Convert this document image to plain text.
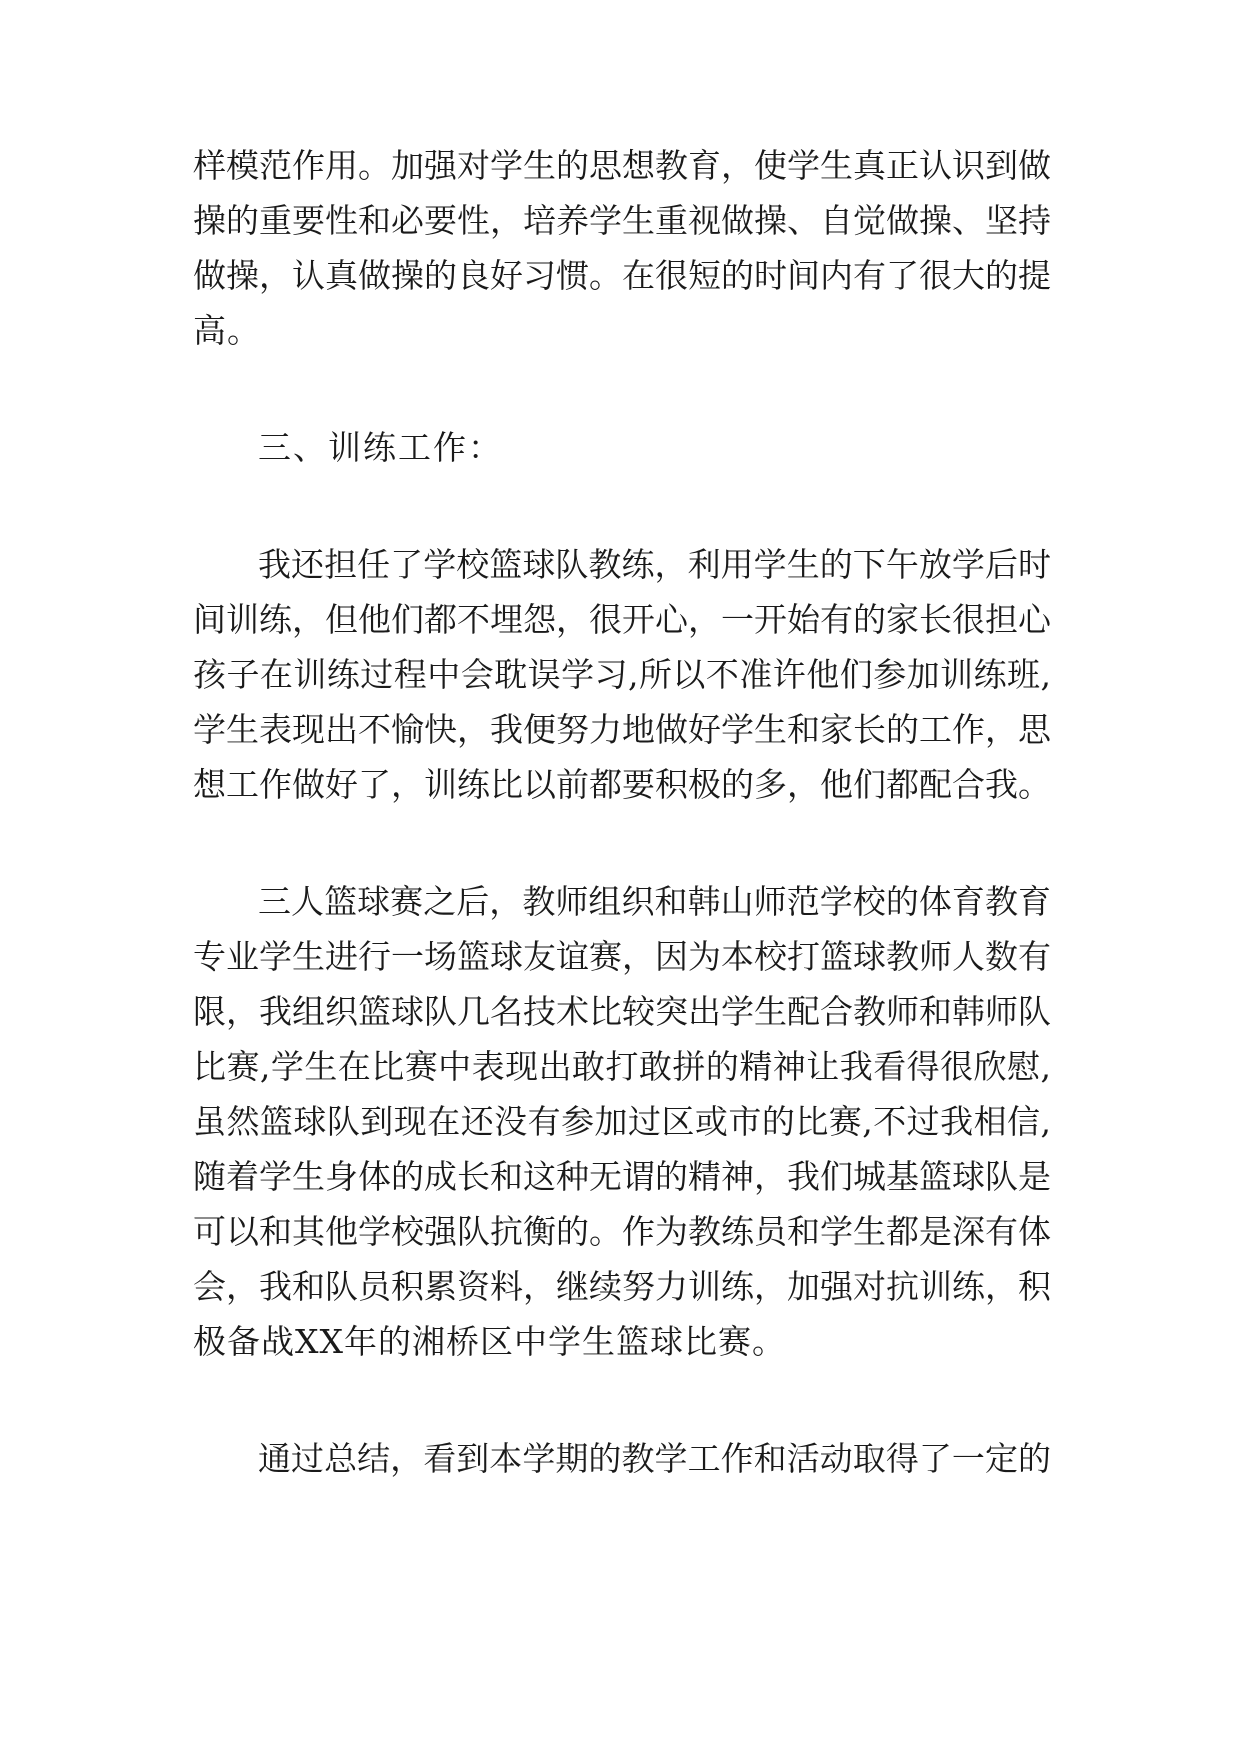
样模范作用。加强对学生的思想教育，使学生真正认识到做
操的重要性和必要性，培养学生重视做操、自觉做操、坚持
做操，认真做操的良好习惯。在很短的时间内有了很大的提
高。
三、训练工作：
我还担任了学校篮球队教练，利用学生的下午放学后时
间训练，但他们都不埋怨，很开心，一开始有的家长很担心
孩子在训练过程中会耽误学习,所以不准许他们参加训练班,
学生表现出不愉快，我便努力地做好学生和家长的工作，思
想工作做好了，训练比以前都要积极的多，他们都配合我。
三人篮球赛之后，教师组织和韩山师范学校的体育教育
专业学生进行一场篮球友谊赛，因为本校打篮球教师人数有
限，我组织篮球队几名技术比较突出学生配合教师和韩师队
比赛,学生在比赛中表现出敢打敢拼的精神让我看得很欣慰,
虽然篮球队到现在还没有参加过区或市的比赛,不过我相信,
随着学生身体的成长和这种无谓的精神，我们城基篮球队是
可以和其他学校强队抗衡的。作为教练员和学生都是深有体
会，我和队员积累资料，继续努力训练，加强对抗训练，积
极备战XX年的湘桥区中学生篮球比赛。
通过总结，看到本学期的教学工作和活动取得了一定的
